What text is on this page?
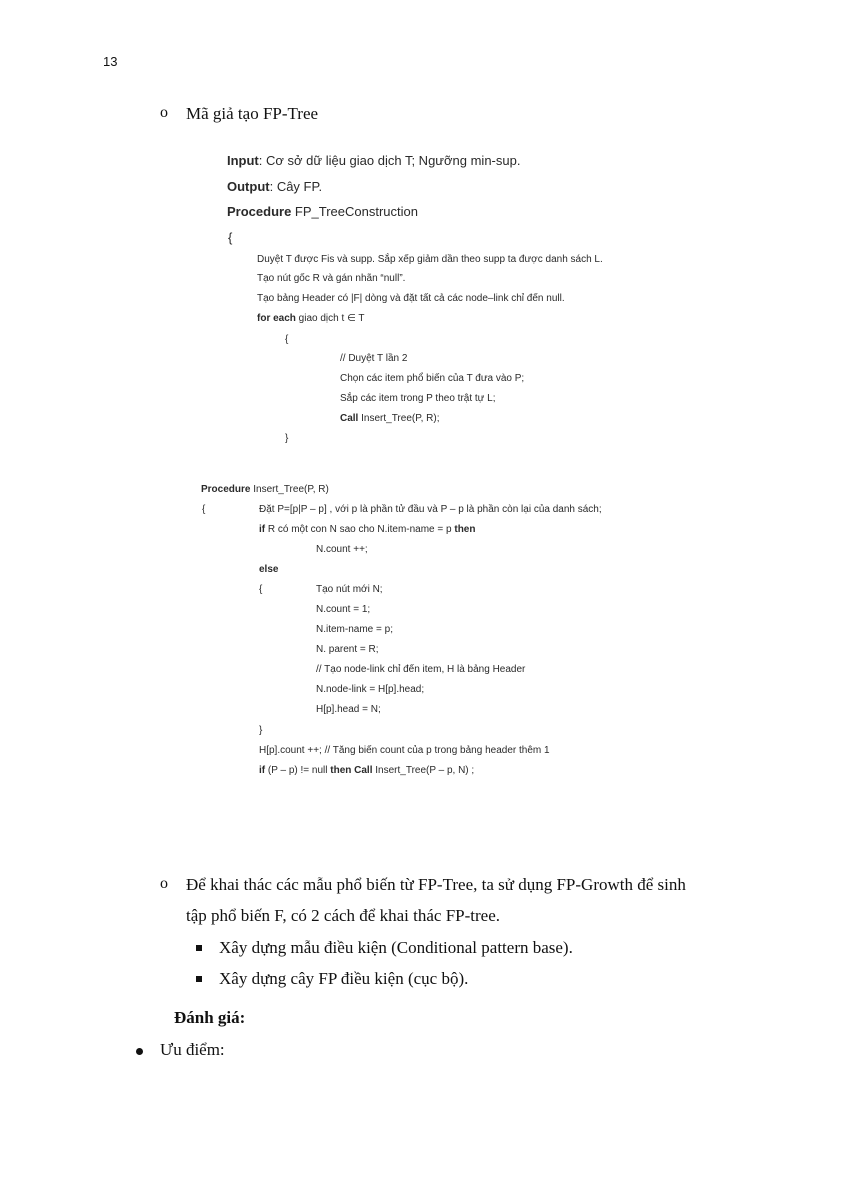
13
o Mã giả tạo FP-Tree
Input: Cơ sở dữ liệu giao dịch T; Ngưỡng min-sup.
Output: Cây FP.
Procedure FP_TreeConstruction
{
Duyệt T được Fis và supp. Sắp xếp giảm dần theo supp ta được danh sách L.
Tạo nút gốc R và gán nhãn “null”.
Tạo bảng Header có |F| dòng và đặt tất cả các node–link chỉ đến null.
for each giao dịch t ∈ T
{
// Duyệt T lần 2
Chọn các item phổ biến của T đưa vào P;
Sắp các item trong P theo trật tự L;
Call Insert_Tree(P, R);
}
Procedure Insert_Tree(P, R)
{	Đặt P=[p|P – p] , với p là phần tử đầu và P – p là phần còn lại của danh sách;
if R có một con N sao cho N.item-name = p then
N.count ++;
else
{	Tạo nút mới N;
N.count = 1;
N.item-name = p;
N. parent = R;
// Tạo node-link chỉ đến item, H là bảng Header
N.node-link = H[p].head;
H[p].head = N;
}
H[p].count ++; // Tăng biến count của p trong bảng header thêm 1
if (P – p) != null then Call Insert_Tree(P – p, N) ;
o Để khai thác các mẫu phổ biến từ FP-Tree, ta sử dụng FP-Growth để sinh
tập phổ biến F, có 2 cách để khai thác FP-tree.
Xây dựng mẫu điều kiện (Conditional pattern base).
Xây dựng cây FP điều kiện (cục bộ).
Đánh giá:
Ưu điểm:
